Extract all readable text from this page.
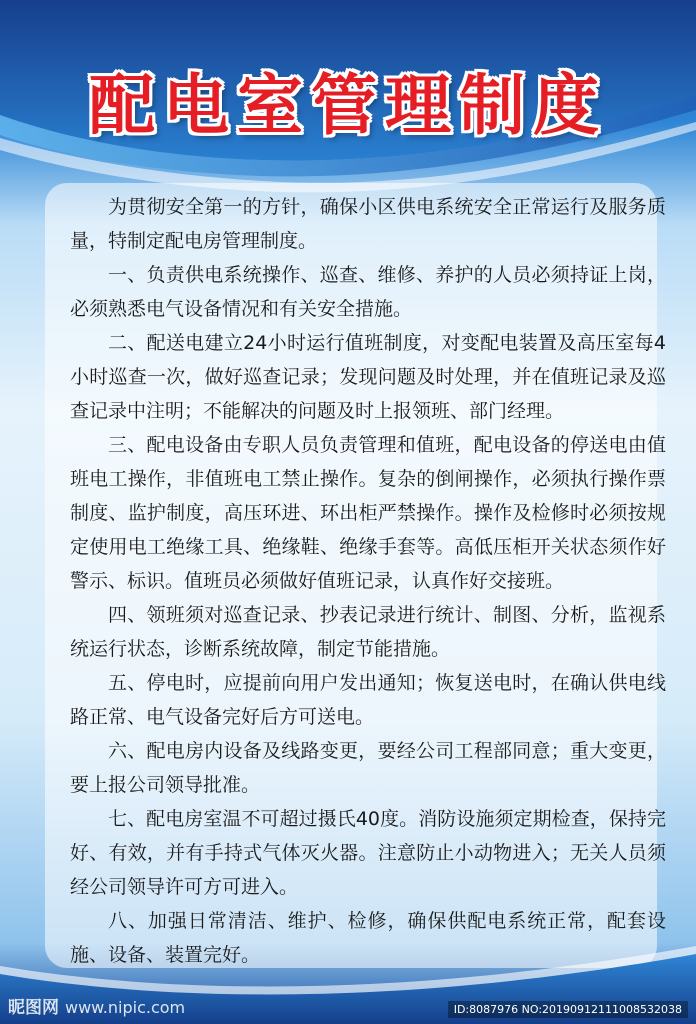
配电室管理制度

为贯彻安全第一的方针，确保小区供电系统安全正常运行及服务质量，特制定配电房管理制度。

一、负责供电系统操作、巡查、维修、养护的人员必须持证上岗，必须熟悉电气设备情况和有关安全措施。

二、配送电建立24小时运行值班制度，对变配电装置及高压室每4小时巡查一次，做好巡查记录；发现问题及时处理，并在值班记录及巡查记录中注明；不能解决的问题及时上报领班、部门经理。

三、配电设备由专职人员负责管理和值班，配电设备的停送电由值班电工操作，非值班电工禁止操作。复杂的倒闸操作，必须执行操作票制度、监护制度，高压环进、环出柜严禁操作。操作及检修时必须按规定使用电工绝缘工具、绝缘鞋、绝缘手套等。高低压柜开关状态须作好警示、标识。值班员必须做好值班记录，认真作好交接班。

四、领班须对巡查记录、抄表记录进行统计、制图、分析，监视系统运行状态，诊断系统故障，制定节能措施。

五、停电时，应提前向用户发出通知；恢复送电时，在确认供电线路正常、电气设备完好后方可送电。

六、配电房内设备及线路变更，要经公司工程部同意；重大变更，要上报公司领导批准。

七、配电房室温不可超过摄氏40度。消防设施须定期检查，保持完好、有效，并有手持式气体灭火器。注意防止小动物进入；无关人员须经公司领导许可方可进入。

八、加强日常清洁、维护、检修，确保供配电系统正常，配套设施、设备、装置完好。

昵图网 www.nipic.com	ID:8087976 NO:20190912111008532038
